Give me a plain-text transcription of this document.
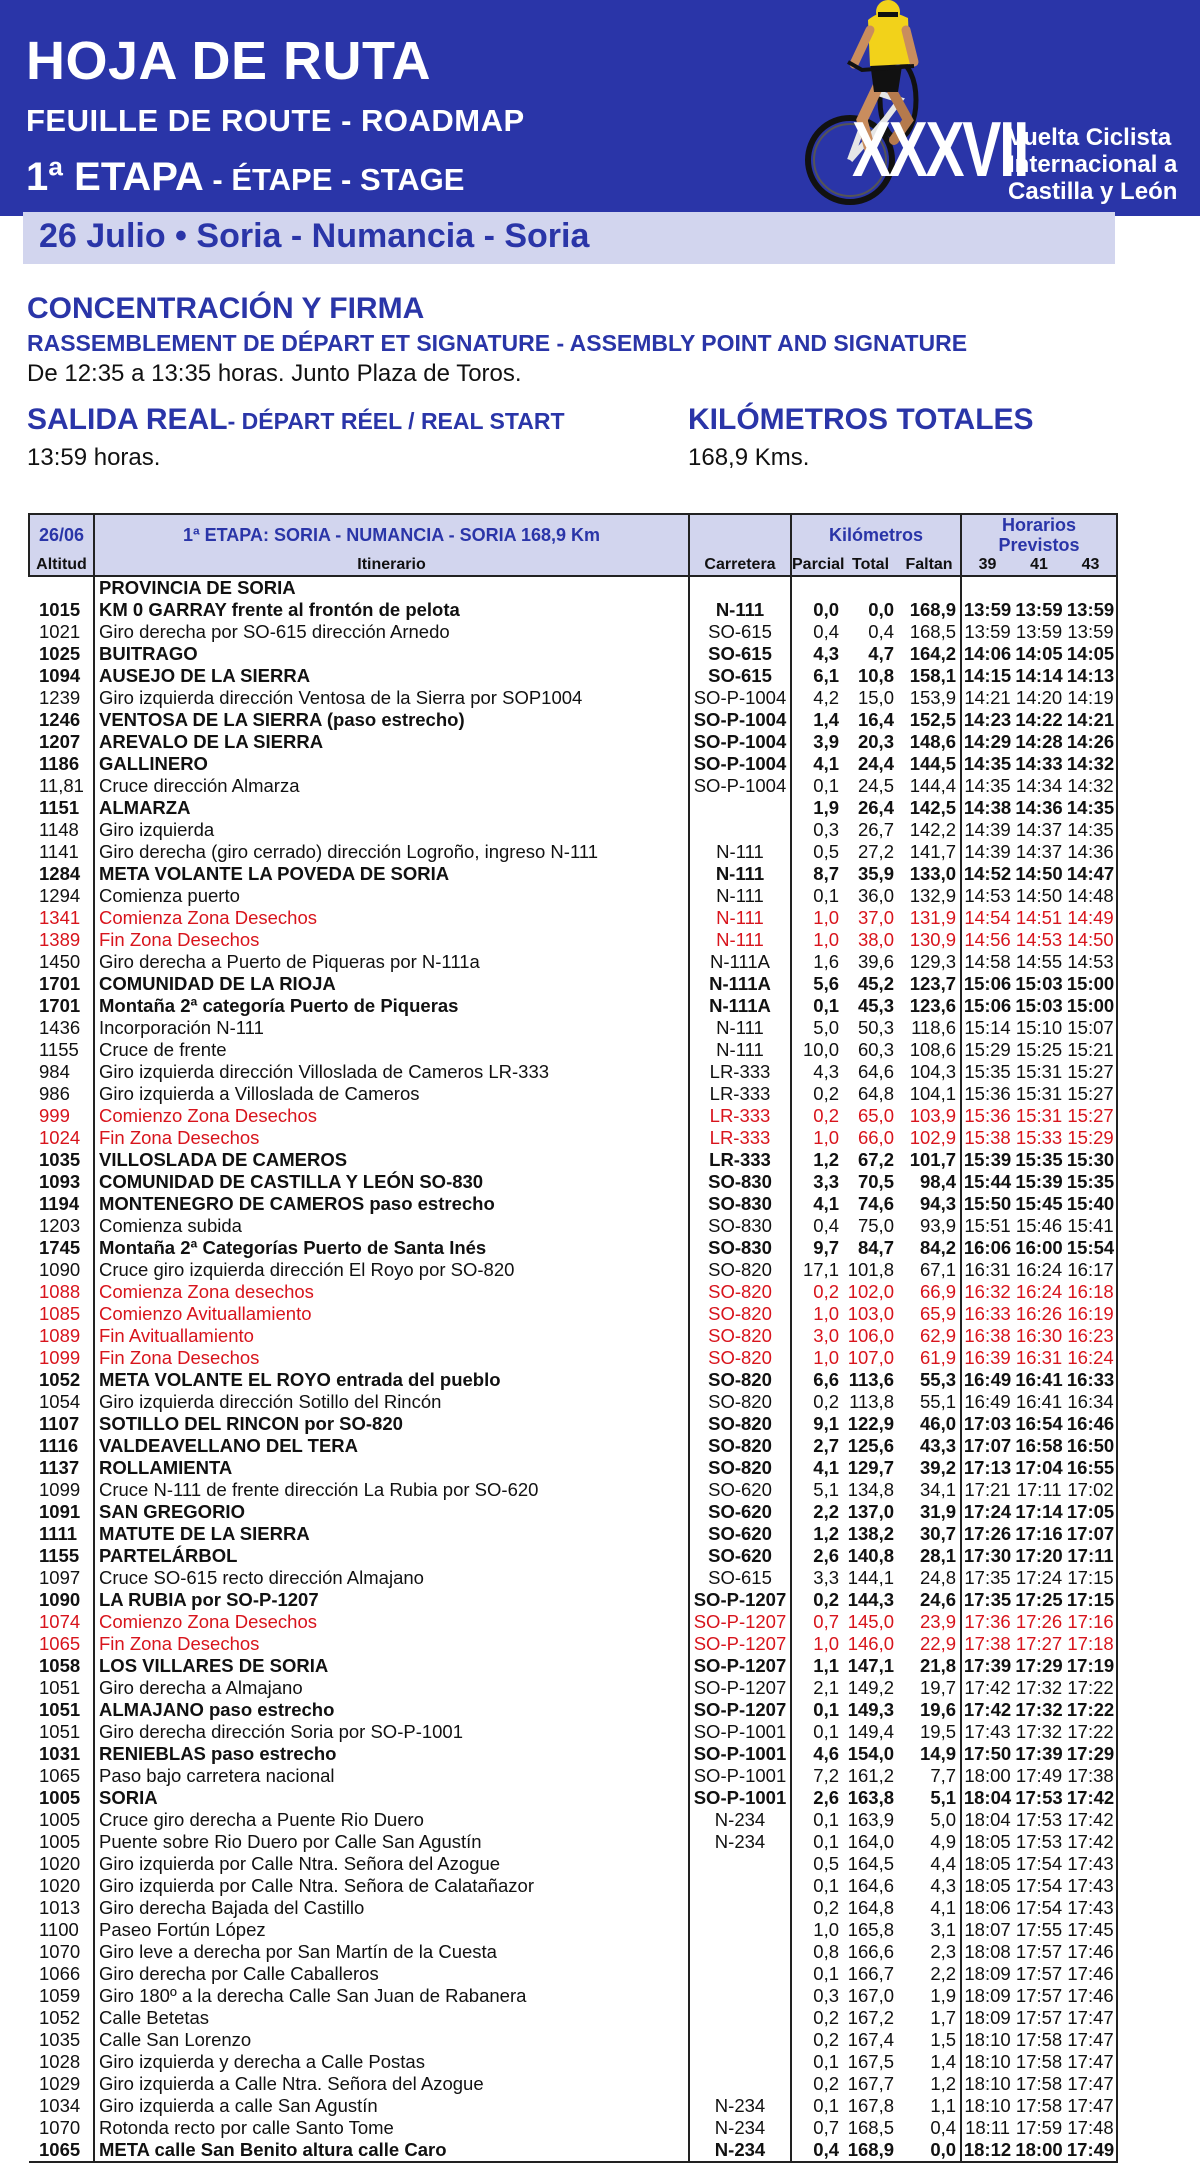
HOJA DE RUTA
FEUILLE DE ROUTE - ROADMAP
1ª ETAPA - ÉTAPE - STAGE	XXXVII
Vuelta Ciclista
Internacional a
Castilla y León
26 Julio • Soria - Numancia - Soria
CONCENTRACIÓN Y FIRMA
RASSEMBLEMENT DE DÉPART ET SIGNATURE - ASSEMBLY POINT AND SIGNATURE
De 12:35 a 13:35 horas. Junto Plaza de Toros.
SALIDA REAL- DÉPART RÉEL / REAL START
13:59 horas.
KILÓMETROS TOTALES
168,9 Kms.
26/06	1ª ETAPA: SORIA - NUMANCIA - SORIA 168,9 Km		Kilómetros			Horarios Previstos		
Altitud	Itinerario	Carretera	Parcial	Total	Faltan	39	41	43
	PROVINCIA DE SORIA							
1015	KM 0 GARRAY frente al frontón de pelota	N-111	0,0	0,0	168,9	13:59	13:59	13:59
1021	Giro derecha por SO-615 dirección Arnedo	SO-615	0,4	0,4	168,5	13:59	13:59	13:59
1025	BUITRAGO	SO-615	4,3	4,7	164,2	14:06	14:05	14:05
1094	AUSEJO DE LA SIERRA	SO-615	6,1	10,8	158,1	14:15	14:14	14:13
1239	Giro izquierda dirección Ventosa de la Sierra por SOP1004	SO-P-1004	4,2	15,0	153,9	14:21	14:20	14:19
1246	VENTOSA DE LA SIERRA (paso estrecho)	SO-P-1004	1,4	16,4	152,5	14:23	14:22	14:21
1207	AREVALO DE LA SIERRA	SO-P-1004	3,9	20,3	148,6	14:29	14:28	14:26
1186	GALLINERO	SO-P-1004	4,1	24,4	144,5	14:35	14:33	14:32
11,81	Cruce dirección Almarza	SO-P-1004	0,1	24,5	144,4	14:35	14:34	14:32
1151	ALMARZA		1,9	26,4	142,5	14:38	14:36	14:35
1148	Giro izquierda		0,3	26,7	142,2	14:39	14:37	14:35
1141	Giro derecha (giro cerrado) dirección Logroño, ingreso N-111	N-111	0,5	27,2	141,7	14:39	14:37	14:36
1284	META VOLANTE LA POVEDA DE SORIA	N-111	8,7	35,9	133,0	14:52	14:50	14:47
1294	Comienza puerto	N-111	0,1	36,0	132,9	14:53	14:50	14:48
1341	Comienza Zona Desechos	N-111	1,0	37,0	131,9	14:54	14:51	14:49
1389	Fin Zona Desechos	N-111	1,0	38,0	130,9	14:56	14:53	14:50
1450	Giro derecha a Puerto de Piqueras por N-111a	N-111A	1,6	39,6	129,3	14:58	14:55	14:53
1701	COMUNIDAD DE LA RIOJA	N-111A	5,6	45,2	123,7	15:06	15:03	15:00
1701	Montaña 2ª categoría Puerto de Piqueras	N-111A	0,1	45,3	123,6	15:06	15:03	15:00
1436	Incorporación N-111	N-111	5,0	50,3	118,6	15:14	15:10	15:07
1155	Cruce de frente	N-111	10,0	60,3	108,6	15:29	15:25	15:21
984	Giro izquierda dirección Villoslada de Cameros LR-333	LR-333	4,3	64,6	104,3	15:35	15:31	15:27
986	Giro izquierda a Villoslada de Cameros	LR-333	0,2	64,8	104,1	15:36	15:31	15:27
999	Comienzo Zona Desechos	LR-333	0,2	65,0	103,9	15:36	15:31	15:27
1024	Fin Zona Desechos	LR-333	1,0	66,0	102,9	15:38	15:33	15:29
1035	VILLOSLADA DE CAMEROS	LR-333	1,2	67,2	101,7	15:39	15:35	15:30
1093	COMUNIDAD DE CASTILLA Y LEÓN SO-830	SO-830	3,3	70,5	98,4	15:44	15:39	15:35
1194	MONTENEGRO DE CAMEROS paso estrecho	SO-830	4,1	74,6	94,3	15:50	15:45	15:40
1203	Comienza subida	SO-830	0,4	75,0	93,9	15:51	15:46	15:41
1745	Montaña 2ª Categorías Puerto de Santa Inés	SO-830	9,7	84,7	84,2	16:06	16:00	15:54
1090	Cruce giro izquierda dirección El Royo por SO-820	SO-820	17,1	101,8	67,1	16:31	16:24	16:17
1088	Comienza Zona desechos	SO-820	0,2	102,0	66,9	16:32	16:24	16:18
1085	Comienzo Avituallamiento	SO-820	1,0	103,0	65,9	16:33	16:26	16:19
1089	Fin Avituallamiento	SO-820	3,0	106,0	62,9	16:38	16:30	16:23
1099	Fin Zona Desechos	SO-820	1,0	107,0	61,9	16:39	16:31	16:24
1052	META VOLANTE EL ROYO entrada del pueblo	SO-820	6,6	113,6	55,3	16:49	16:41	16:33
1054	Giro izquierda dirección Sotillo del Rincón	SO-820	0,2	113,8	55,1	16:49	16:41	16:34
1107	SOTILLO DEL RINCON por SO-820	SO-820	9,1	122,9	46,0	17:03	16:54	16:46
1116	VALDEAVELLANO DEL TERA	SO-820	2,7	125,6	43,3	17:07	16:58	16:50
1137	ROLLAMIENTA	SO-820	4,1	129,7	39,2	17:13	17:04	16:55
1099	Cruce N-111 de frente dirección La Rubia por SO-620	SO-620	5,1	134,8	34,1	17:21	17:11	17:02
1091	SAN GREGORIO	SO-620	2,2	137,0	31,9	17:24	17:14	17:05
1111	MATUTE DE LA SIERRA	SO-620	1,2	138,2	30,7	17:26	17:16	17:07
1155	PARTELÁRBOL	SO-620	2,6	140,8	28,1	17:30	17:20	17:11
1097	Cruce SO-615 recto dirección Almajano	SO-615	3,3	144,1	24,8	17:35	17:24	17:15
1090	LA RUBIA por SO-P-1207	SO-P-1207	0,2	144,3	24,6	17:35	17:25	17:15
1074	Comienzo Zona Desechos	SO-P-1207	0,7	145,0	23,9	17:36	17:26	17:16
1065	Fin Zona Desechos	SO-P-1207	1,0	146,0	22,9	17:38	17:27	17:18
1058	LOS VILLARES DE SORIA	SO-P-1207	1,1	147,1	21,8	17:39	17:29	17:19
1051	Giro derecha a Almajano	SO-P-1207	2,1	149,2	19,7	17:42	17:32	17:22
1051	ALMAJANO paso estrecho	SO-P-1207	0,1	149,3	19,6	17:42	17:32	17:22
1051	Giro derecha dirección Soria por SO-P-1001	SO-P-1001	0,1	149,4	19,5	17:43	17:32	17:22
1031	RENIEBLAS paso estrecho	SO-P-1001	4,6	154,0	14,9	17:50	17:39	17:29
1065	Paso bajo carretera nacional	SO-P-1001	7,2	161,2	7,7	18:00	17:49	17:38
1005	SORIA	SO-P-1001	2,6	163,8	5,1	18:04	17:53	17:42
1005	Cruce giro derecha a Puente Rio Duero	N-234	0,1	163,9	5,0	18:04	17:53	17:42
1005	Puente sobre Rio Duero por Calle San Agustín	N-234	0,1	164,0	4,9	18:05	17:53	17:42
1020	Giro izquierda por Calle Ntra. Señora del Azogue		0,5	164,5	4,4	18:05	17:54	17:43
1020	Giro izquierda por Calle Ntra. Señora de Calatañazor		0,1	164,6	4,3	18:05	17:54	17:43
1013	Giro derecha Bajada del Castillo		0,2	164,8	4,1	18:06	17:54	17:43
1100	Paseo Fortún López		1,0	165,8	3,1	18:07	17:55	17:45
1070	Giro leve a derecha por San Martín de la Cuesta		0,8	166,6	2,3	18:08	17:57	17:46
1066	Giro derecha por Calle Caballeros		0,1	166,7	2,2	18:09	17:57	17:46
1059	Giro 180º a la derecha Calle San Juan de Rabanera		0,3	167,0	1,9	18:09	17:57	17:46
1052	Calle Betetas		0,2	167,2	1,7	18:09	17:57	17:47
1035	Calle San Lorenzo		0,2	167,4	1,5	18:10	17:58	17:47
1028	Giro izquierda y derecha a Calle Postas		0,1	167,5	1,4	18:10	17:58	17:47
1029	Giro izquierda a Calle Ntra. Señora del Azogue		0,2	167,7	1,2	18:10	17:58	17:47
1034	Giro izquierda a calle San Agustín	N-234	0,1	167,8	1,1	18:10	17:58	17:47
1070	Rotonda recto por calle Santo Tome	N-234	0,7	168,5	0,4	18:11	17:59	17:48
1065	META calle San Benito altura calle Caro	N-234	0,4	168,9	0,0	18:12	18:00	17:49
